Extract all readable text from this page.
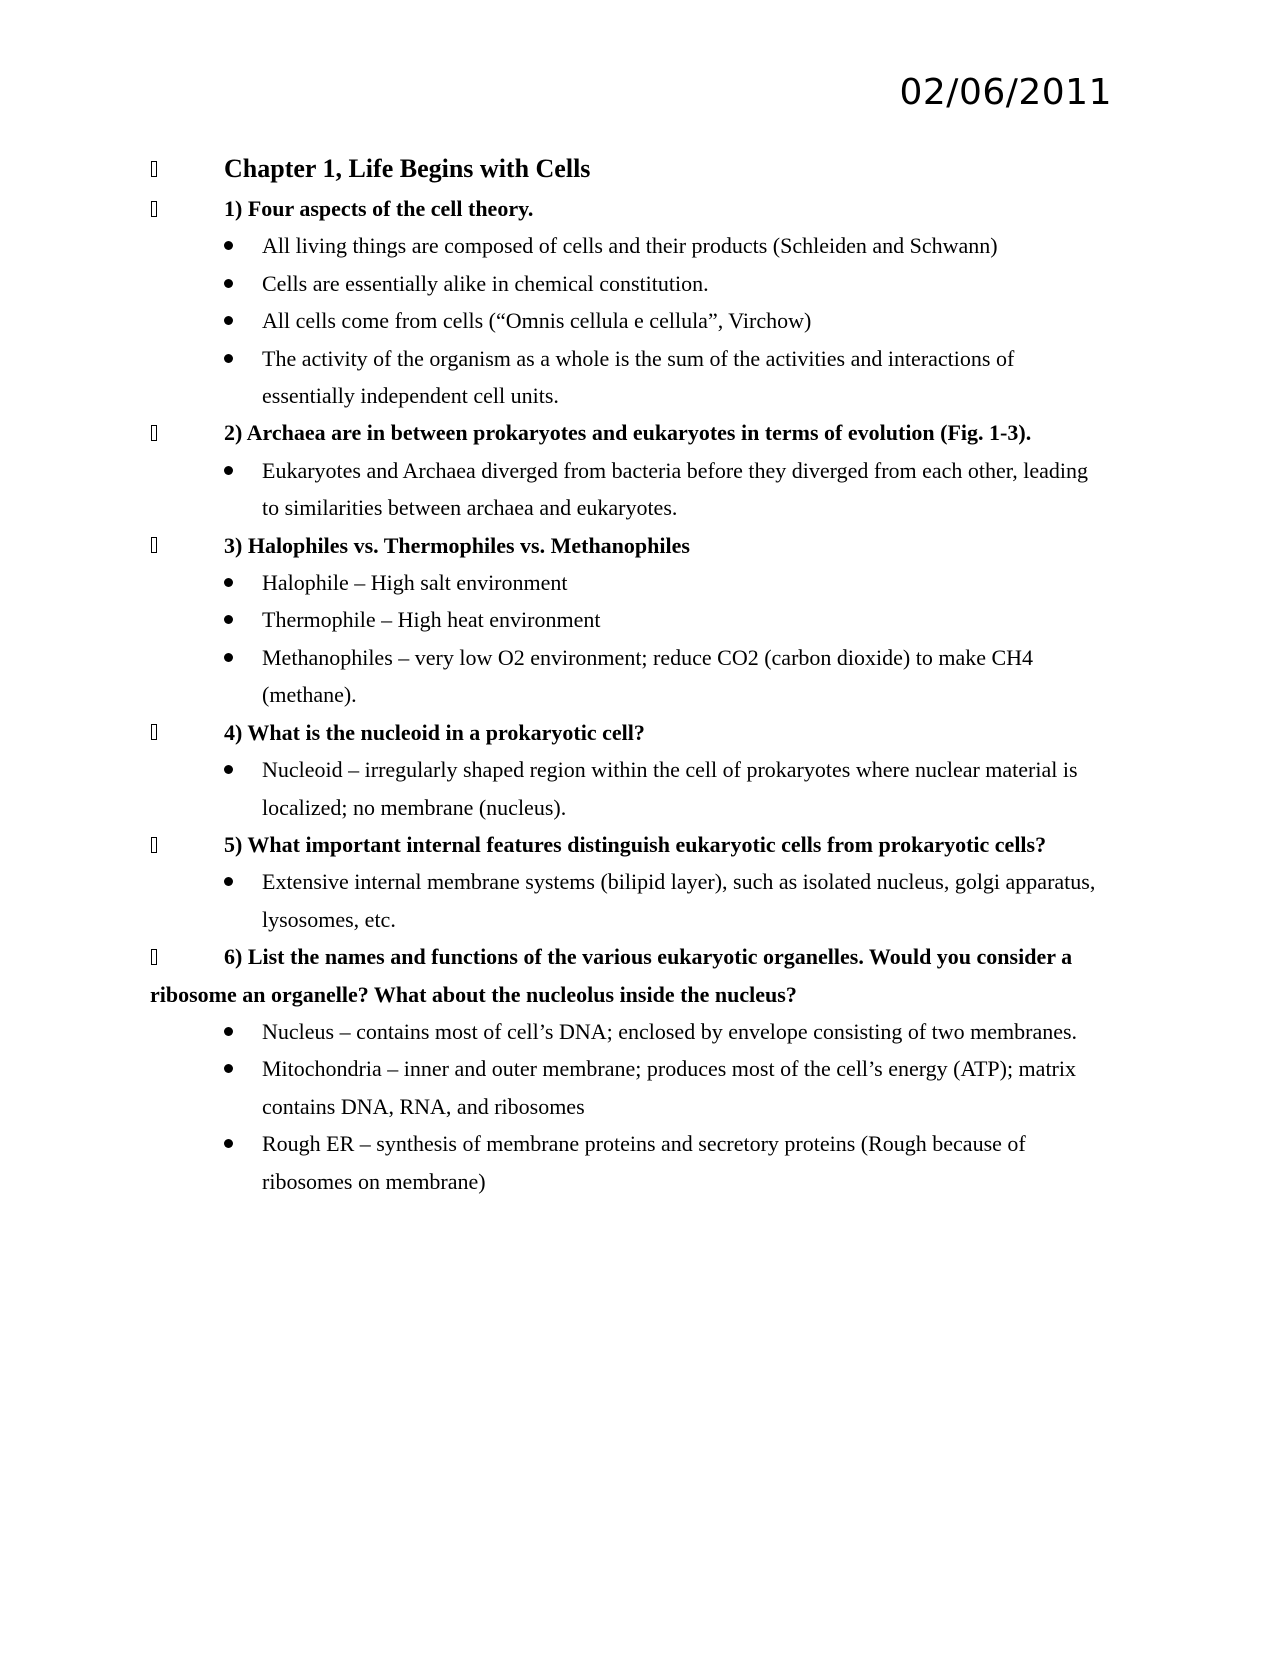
02/06/2011
Chapter 1, Life Begins with Cells
1) Four aspects of the cell theory.
All living things are composed of cells and their products (Schleiden and Schwann)
Cells are essentially alike in chemical constitution.
All cells come from cells (“Omnis cellula e cellula”, Virchow)
The activity of the organism as a whole is the sum of the activities and interactions of essentially independent cell units.
2) Archaea are in between prokaryotes and eukaryotes in terms of evolution (Fig. 1-3).
Eukaryotes and Archaea diverged from bacteria before they diverged from each other, leading to similarities between archaea and eukaryotes.
3) Halophiles vs. Thermophiles vs. Methanophiles
Halophile – High salt environment
Thermophile – High heat environment
Methanophiles – very low O2 environment; reduce CO2 (carbon dioxide) to make CH4 (methane).
4) What is the nucleoid in a prokaryotic cell?
Nucleoid – irregularly shaped region within the cell of prokaryotes where nuclear material is localized; no membrane (nucleus).
5) What important internal features distinguish eukaryotic cells from prokaryotic cells?
Extensive internal membrane systems (bilipid layer), such as isolated nucleus, golgi apparatus, lysosomes, etc.
6) List the names and functions of the various eukaryotic organelles. Would you consider a ribosome an organelle? What about the nucleolus inside the nucleus?
Nucleus – contains most of cell’s DNA; enclosed by envelope consisting of two membranes.
Mitochondria – inner and outer membrane; produces most of the cell’s energy (ATP); matrix contains DNA, RNA, and ribosomes
Rough ER – synthesis of membrane proteins and secretory proteins (Rough because of ribosomes on membrane)
